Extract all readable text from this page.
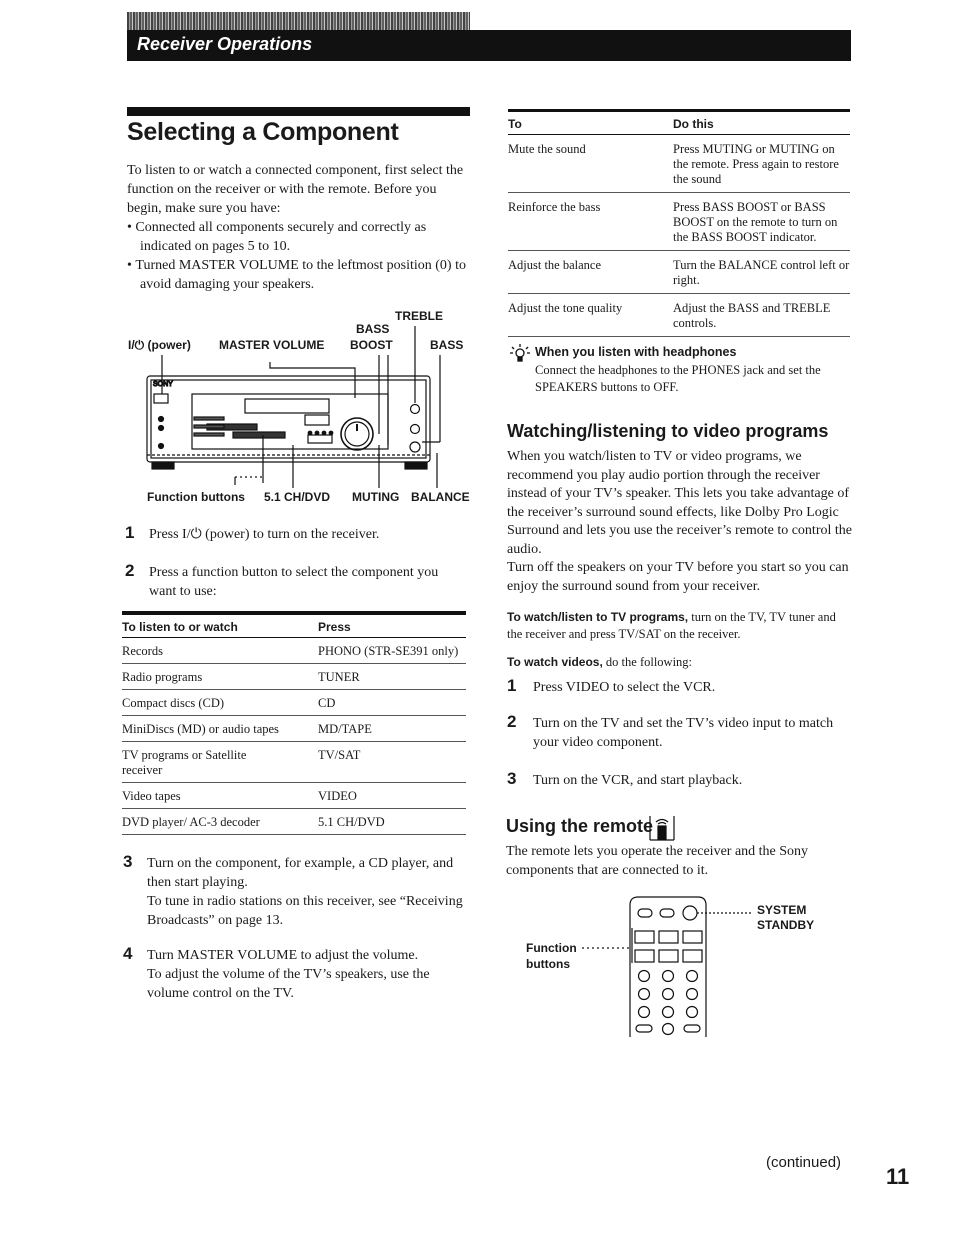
Receiver Operations
Selecting a Component

To listen to or watch a connected component, first select the function on the receiver or with the remote. Before you begin, make sure you have:

• Connected all components securely and correctly as indicated on pages 5 to 10.

• Turned MASTER VOLUME to the leftmost position (0) to avoid damaging your speakers.

TREBLE
BASS
BOOST	BASS
I/⏻ (power) MASTER VOLUME
SONY
Function buttons 5.1 CH/DVD MUTING BALANCE
1 Press I/⏻ (power) to turn on the receiver.

2 Press a function button to select the component you want to use:

To listen to or watch	Press
Records	PHONO (STR-SE391 only)
Radio programs	TUNER
Compact discs (CD)	CD
MiniDiscs (MD) or audio tapes	MD/TAPE
TV programs or Satellite receiver	TV/SAT
Video tapes	VIDEO
DVD player/ AC-3 decoder	5.1 CH/DVD
3 Turn on the component, for example, a CD player, and then start playing.

To tune in radio stations on this receiver, see “Receiving Broadcasts” on page 13.

4 Turn MASTER VOLUME to adjust the volume.

To adjust the volume of the TV’s speakers, use the volume control on the TV.

To	Do this
Mute the sound	Press MUTING or MUTING on the remote. Press again to restore the sound
Reinforce the bass	Press BASS BOOST or BASS BOOST on the remote to turn on the BASS BOOST indicator.
Adjust the balance	Turn the BALANCE control left or right.
Adjust the tone quality	Adjust the BASS and TREBLE controls.
When you listen with headphones
Connect the headphones to the PHONES jack and set the SPEAKERS buttons to OFF.
Watching/listening to video programs

When you watch/listen to TV or video programs, we recommend you play audio portion through the receiver instead of your TV’s speaker. This lets you take advantage of the receiver’s surround sound effects, like Dolby Pro Logic Surround and lets you use the receiver’s remote to control the audio.

Turn off the speakers on your TV before you start so you can enjoy the surround sound from your receiver.

To watch/listen to TV programs, turn on the TV, TV tuner and the receiver and press TV/SAT on the receiver.
To watch videos, do the following:
1 Press VIDEO to select the VCR.

2 Turn on the TV and set the TV’s video input to match your video component.

3 Turn on the VCR, and start playback.

Using the remote
The remote lets you operate the receiver and the Sony components that are connected to it.
Function
buttons
SYSTEM
STANDBY
(continued)
11
